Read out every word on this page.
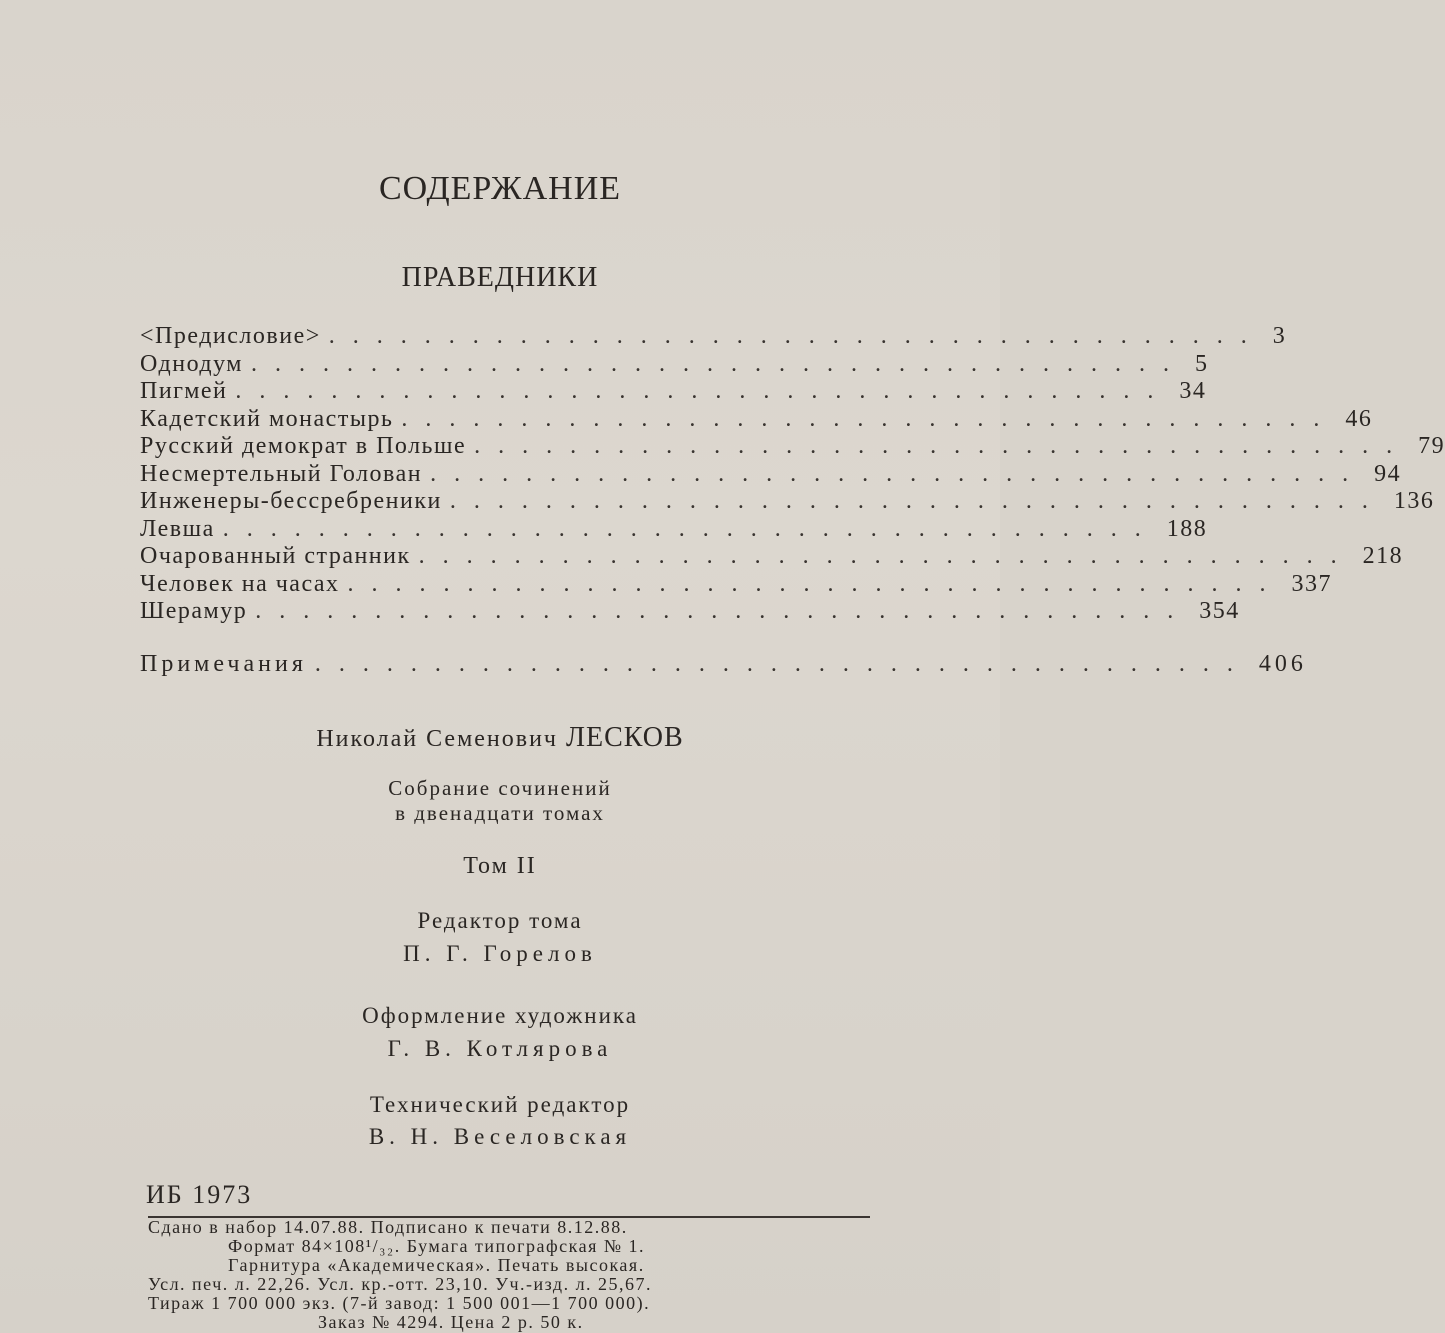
СОДЕРЖАНИЕ
ПРАВЕДНИКИ
<Предисловие> ....................................... 3
Однодум ....................................... 5
Пигмей ....................................... 34
Кадетский монастырь ....................................... 46
Русский демократ в Польше ....................................... 79
Несмертельный Голован ....................................... 94
Инженеры-бессребреники ....................................... 136
Левша ....................................... 188
Очарованный странник ....................................... 218
Человек на часах ....................................... 337
Шерамур ....................................... 354
Примечания ....................................... 406
Николай Семенович ЛЕСКОВ
Собрание сочинений
в двенадцати томах
Том II
Редактор тома
П. Г. Горелов
Оформление художника
Г. В. Котлярова
Технический редактор
В. Н. Веселовская
ИБ 1973
Сдано в набор 14.07.88. Подписано к печати 8.12.88.
Формат 84×108¹/₃₂. Бумага типографская № 1.
Гарнитура «Академическая». Печать высокая.
Усл. печ. л. 22,26. Усл. кр.-отт. 23,10. Уч.-изд. л. 25,67.
Тираж 1 700 000 экз. (7-й завод: 1 500 001—1 700 000).
Заказ № 4294. Цена 2 р. 50 к.
